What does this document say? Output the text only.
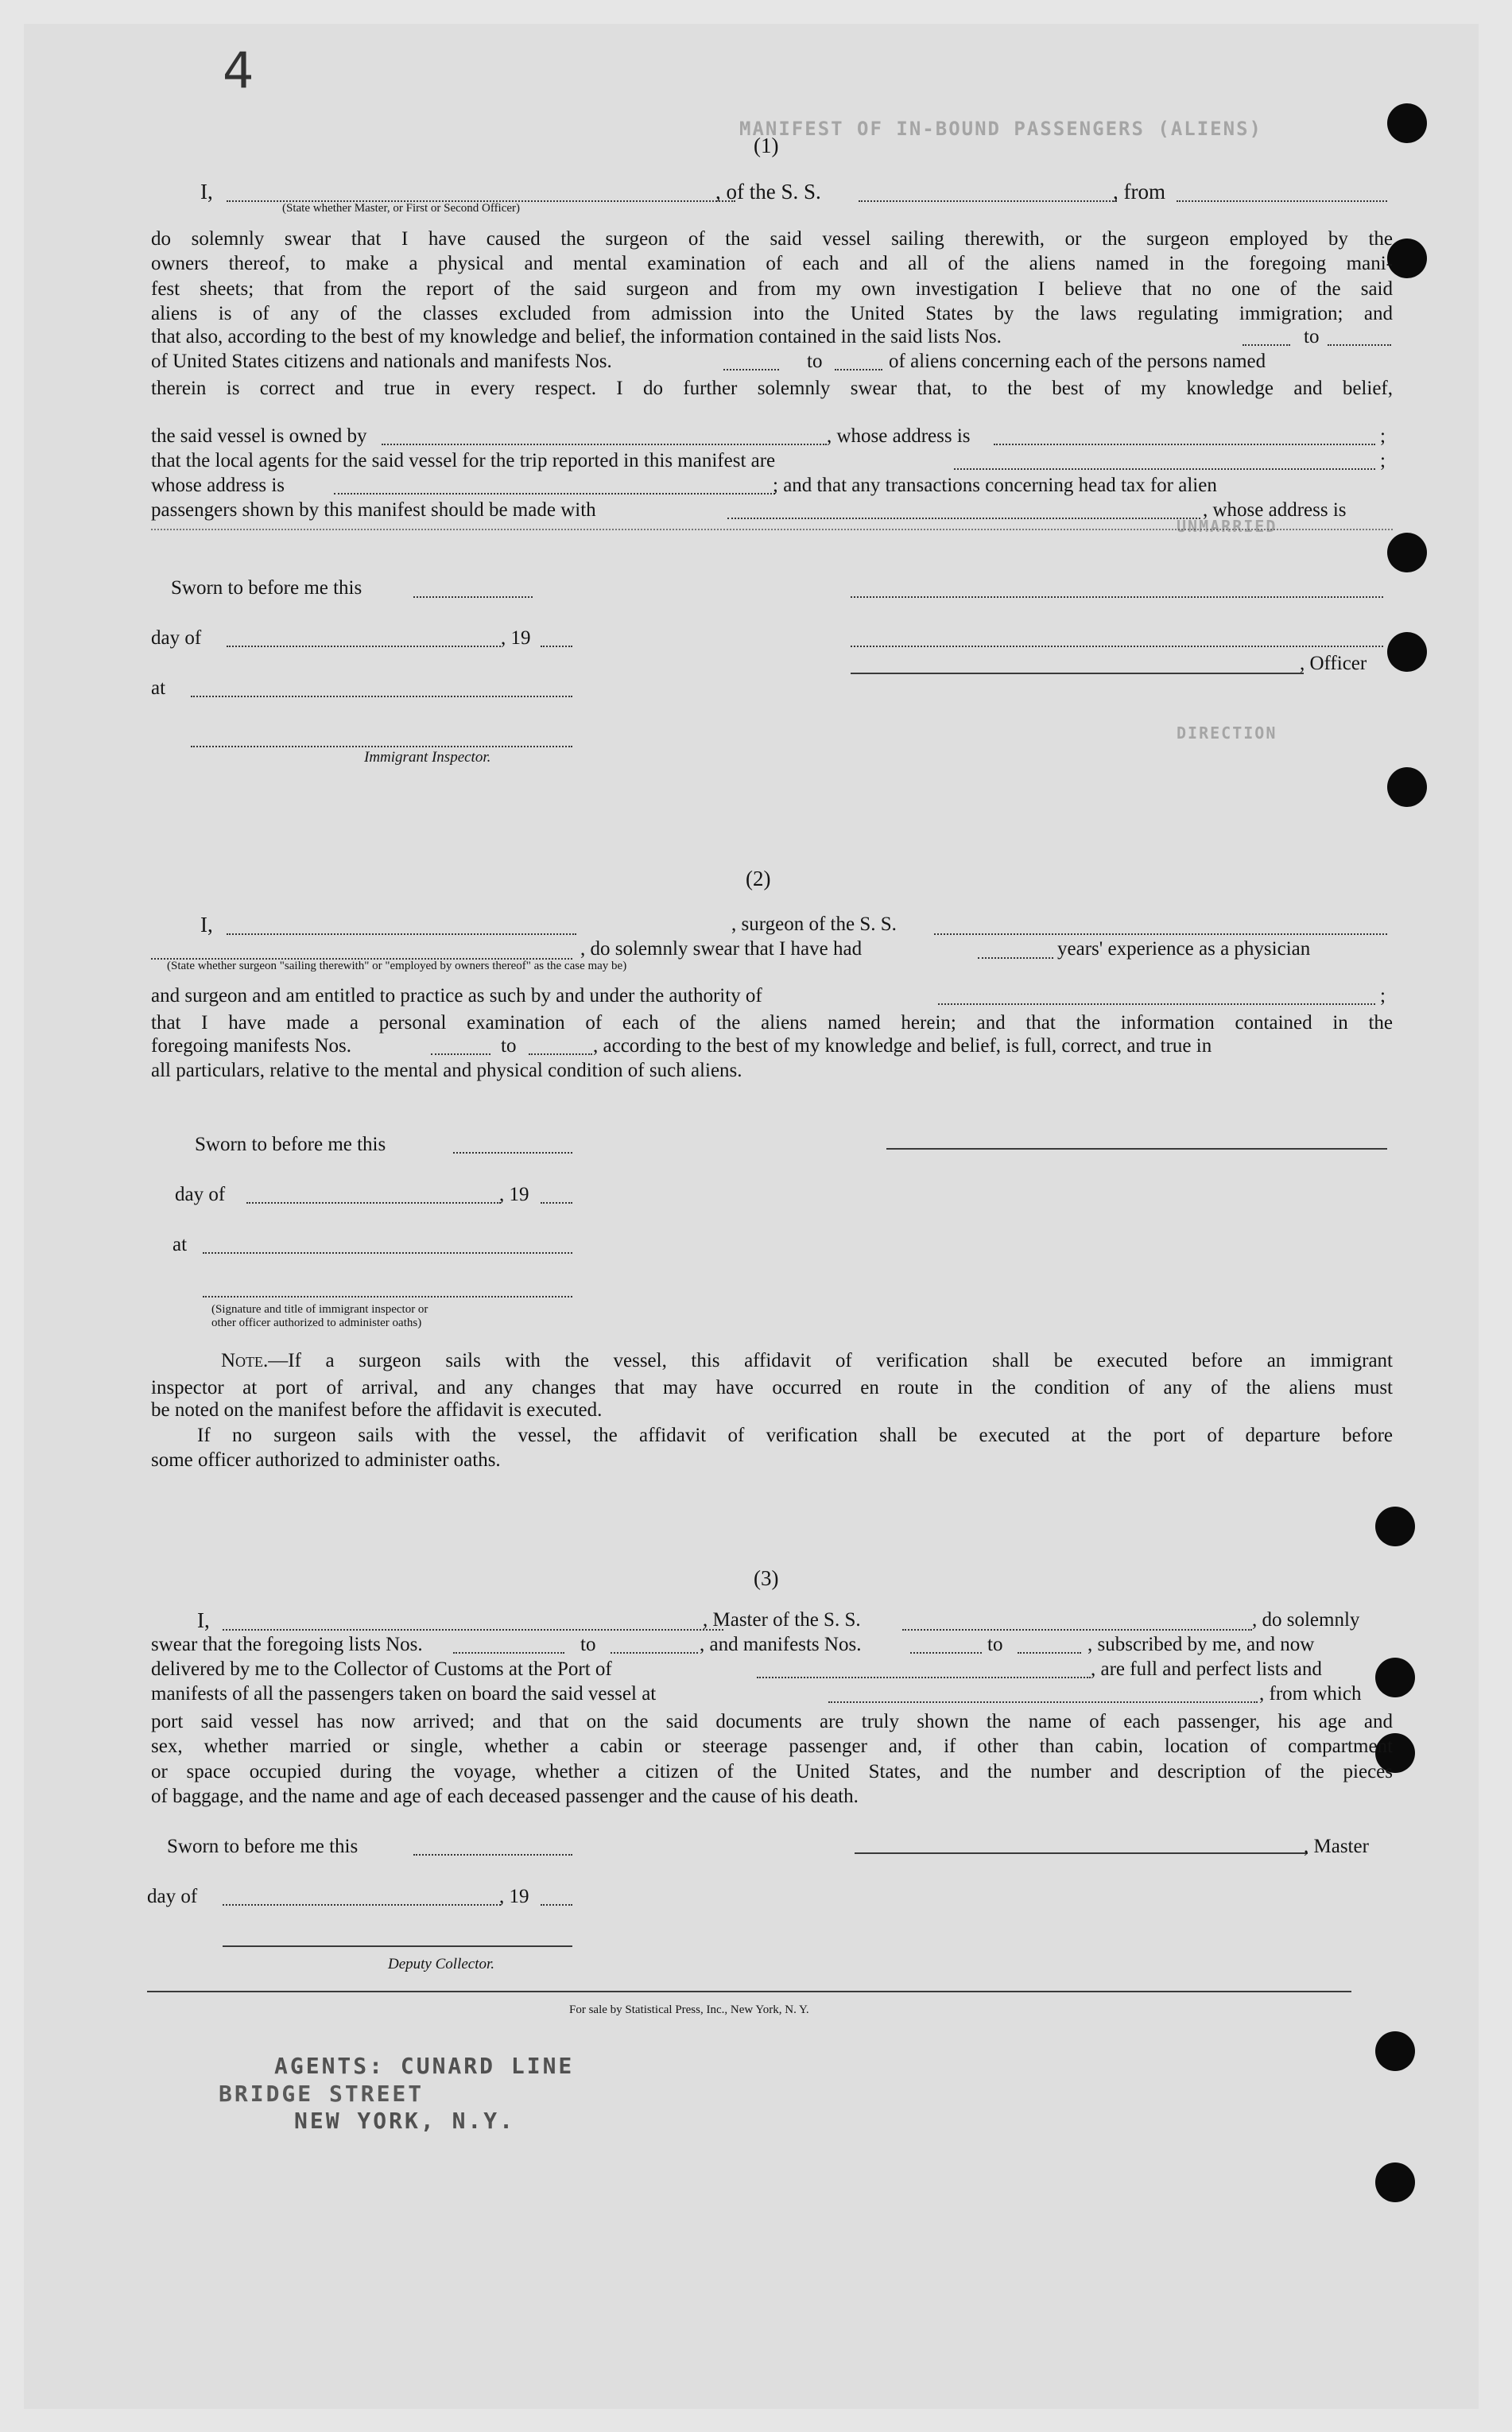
4
MANIFEST OF IN-BOUND PASSENGERS (ALIENS)
UNMARRIED
DIRECTION
(1)
I,
(State whether Master, or First or Second Officer)
, of the S. S.	, from
do solemnly swear that I have caused the surgeon of the said vessel sailing therewith, or the surgeon employed by the
owners thereof, to make a physical and mental examination of each and all of the aliens named in the foregoing mani-
fest sheets; that from the report of the said surgeon and from my own investigation I believe that no one of the said
aliens is of any of the classes excluded from admission into the United States by the laws regulating immigration; and
that also, according to the best of my knowledge and belief, the information contained in the said lists Nos.	to
of United States citizens and nationals and manifests Nos.	to	of aliens concerning each of the persons named
therein is correct and true in every respect. I do further solemnly swear that, to the best of my knowledge and belief,
the said vessel is owned by	, whose address is	;
that the local agents for the said vessel for the trip reported in this manifest are	;
whose address is	; and that any transactions concerning head tax for alien
passengers shown by this manifest should be made with	, whose address is
Sworn to before me this
day of	, 19
at
Immigrant Inspector.
, Officer
(2)
I,	, surgeon of the S. S.
, do solemnly swear that I have had	years' experience as a physician
(State whether surgeon "sailing therewith" or "employed by owners thereof" as the case may be)
and surgeon and am entitled to practice as such by and under the authority of	;
that I have made a personal examination of each of the aliens named herein; and that the information contained in the
foregoing manifests Nos.	to	, according to the best of my knowledge and belief, is full, correct, and true in
all particulars, relative to the mental and physical condition of such aliens.
Sworn to before me this
day of	, 19
at
(Signature and title of immigrant inspector or
other officer authorized to administer oaths)
Note.—If a surgeon sails with the vessel, this affidavit of verification shall be executed before an immigrant
inspector at port of arrival, and any changes that may have occurred en route in the condition of any of the aliens must
be noted on the manifest before the affidavit is executed.
If no surgeon sails with the vessel, the affidavit of verification shall be executed at the port of departure before
some officer authorized to administer oaths.
(3)
I,	, Master of the S. S.	, do solemnly
swear that the foregoing lists Nos.	to	, and manifests Nos.	to	, subscribed by me, and now
delivered by me to the Collector of Customs at the Port of	, are full and perfect lists and
manifests of all the passengers taken on board the said vessel at	, from which
port said vessel has now arrived; and that on the said documents are truly shown the name of each passenger, his age and
sex, whether married or single, whether a cabin or steerage passenger and, if other than cabin, location of compartment
or space occupied during the voyage, whether a citizen of the United States, and the number and description of the pieces
of baggage, and the name and age of each deceased passenger and the cause of his death.
Sworn to before me this	, Master
day of	, 19
Deputy Collector.
For sale by Statistical Press, Inc., New York, N. Y.
AGENTS: CUNARD LINE
BRIDGE STREET
NEW YORK, N.Y.
